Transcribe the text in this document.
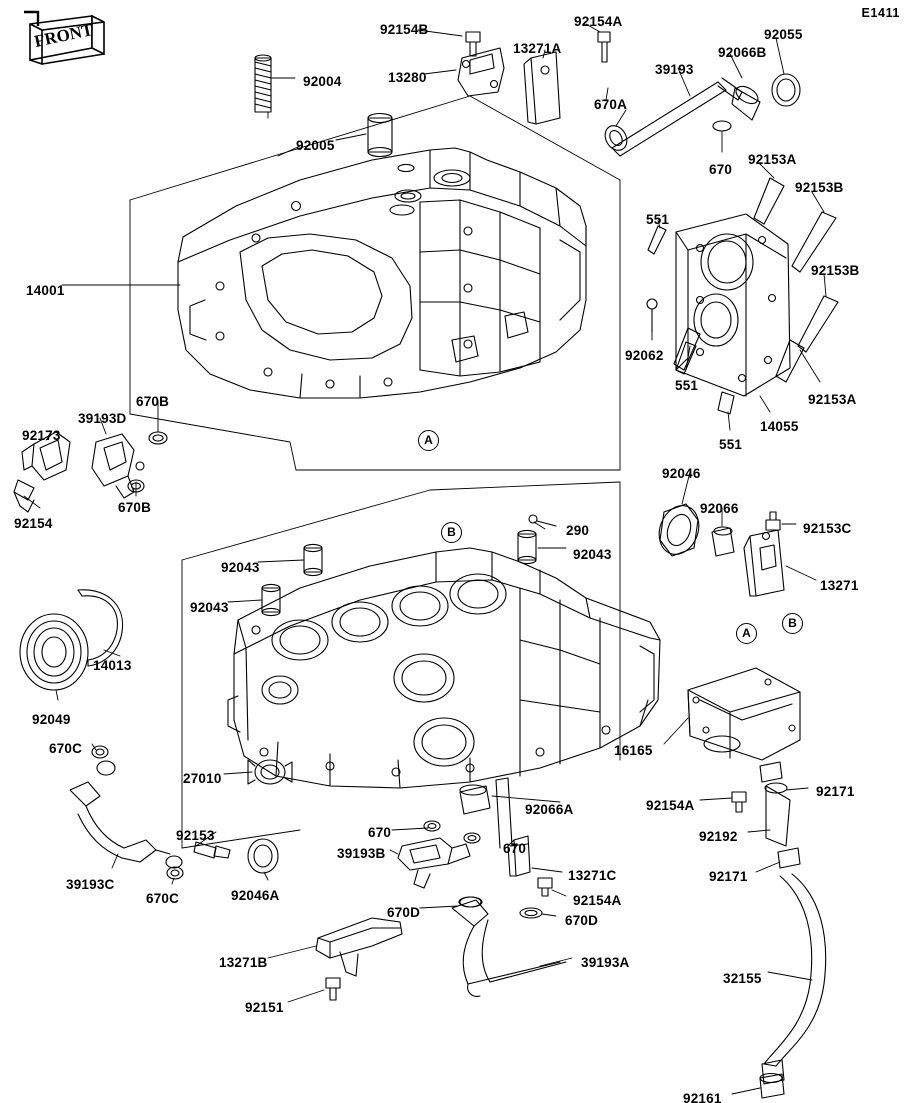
E1411
FRONT	92154B
92154A
92055
13271A	92066B
13280
39193
92004
670A
92005
670
92153A
92153B
551
92153B
14001
92062
551
92153A
670B
39193D
14055
92173
551
670B
92154
92046
92066
92153C
290
92043
92043
13271
92043
14013
92049
16165
670C
27010
92154A
92171
92153
92066A
670	92192
670
39193B
13271C	92171
39193C
670C	92046A	92154A
670D
670D
39193A
13271B
32155
92151
92161
A
B
A
B
